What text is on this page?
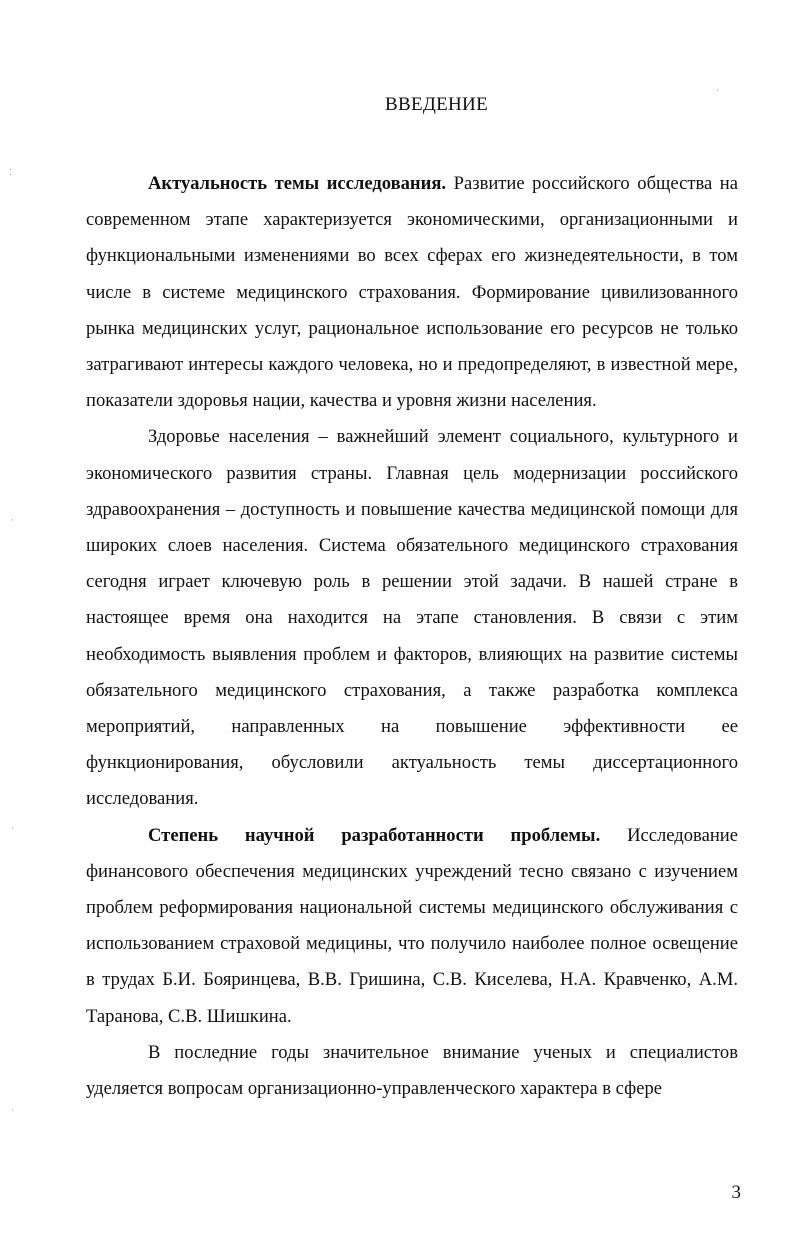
ВВЕДЕНИЕ

Актуальность темы исследования. Развитие российского общества на современном этапе характеризуется экономическими, организационными и функциональными изменениями во всех сферах его жизнедеятельности, в том числе в системе медицинского страхования. Формирование цивилизованного рынка медицинских услуг, рациональное использование его ресурсов не только затрагивают интересы каждого человека, но и предопределяют, в известной мере, показатели здоровья нации, качества и уровня жизни населения.

Здоровье населения – важнейший элемент социального, культурного и экономического развития страны. Главная цель модернизации российского здравоохранения – доступность и повышение качества медицинской помощи для широких слоев населения. Система обязательного медицинского страхования сегодня играет ключевую роль в решении этой задачи. В нашей стране в настоящее время она находится на этапе становления. В связи с этим необходимость выявления проблем и факторов, влияющих на развитие системы обязательного медицинского страхования, а также разработка комплекса мероприятий, направленных на повышение эффективности ее функционирования, обусловили актуальность темы диссертационного исследования.

Степень научной разработанности проблемы. Исследование финансового обеспечения медицинских учреждений тесно связано с изучением проблем реформирования национальной системы медицинского обслуживания с использованием страховой медицины, что получило наиболее полное освещение в трудах Б.И. Бояринцева, В.В. Гришина, С.В. Киселева, Н.А. Кравченко, А.М. Таранова, С.В. Шишкина.

В последние годы значительное внимание ученых и специалистов уделяется вопросам организационно-управленческого характера в сфере

3
⁚
·
·
·
·
